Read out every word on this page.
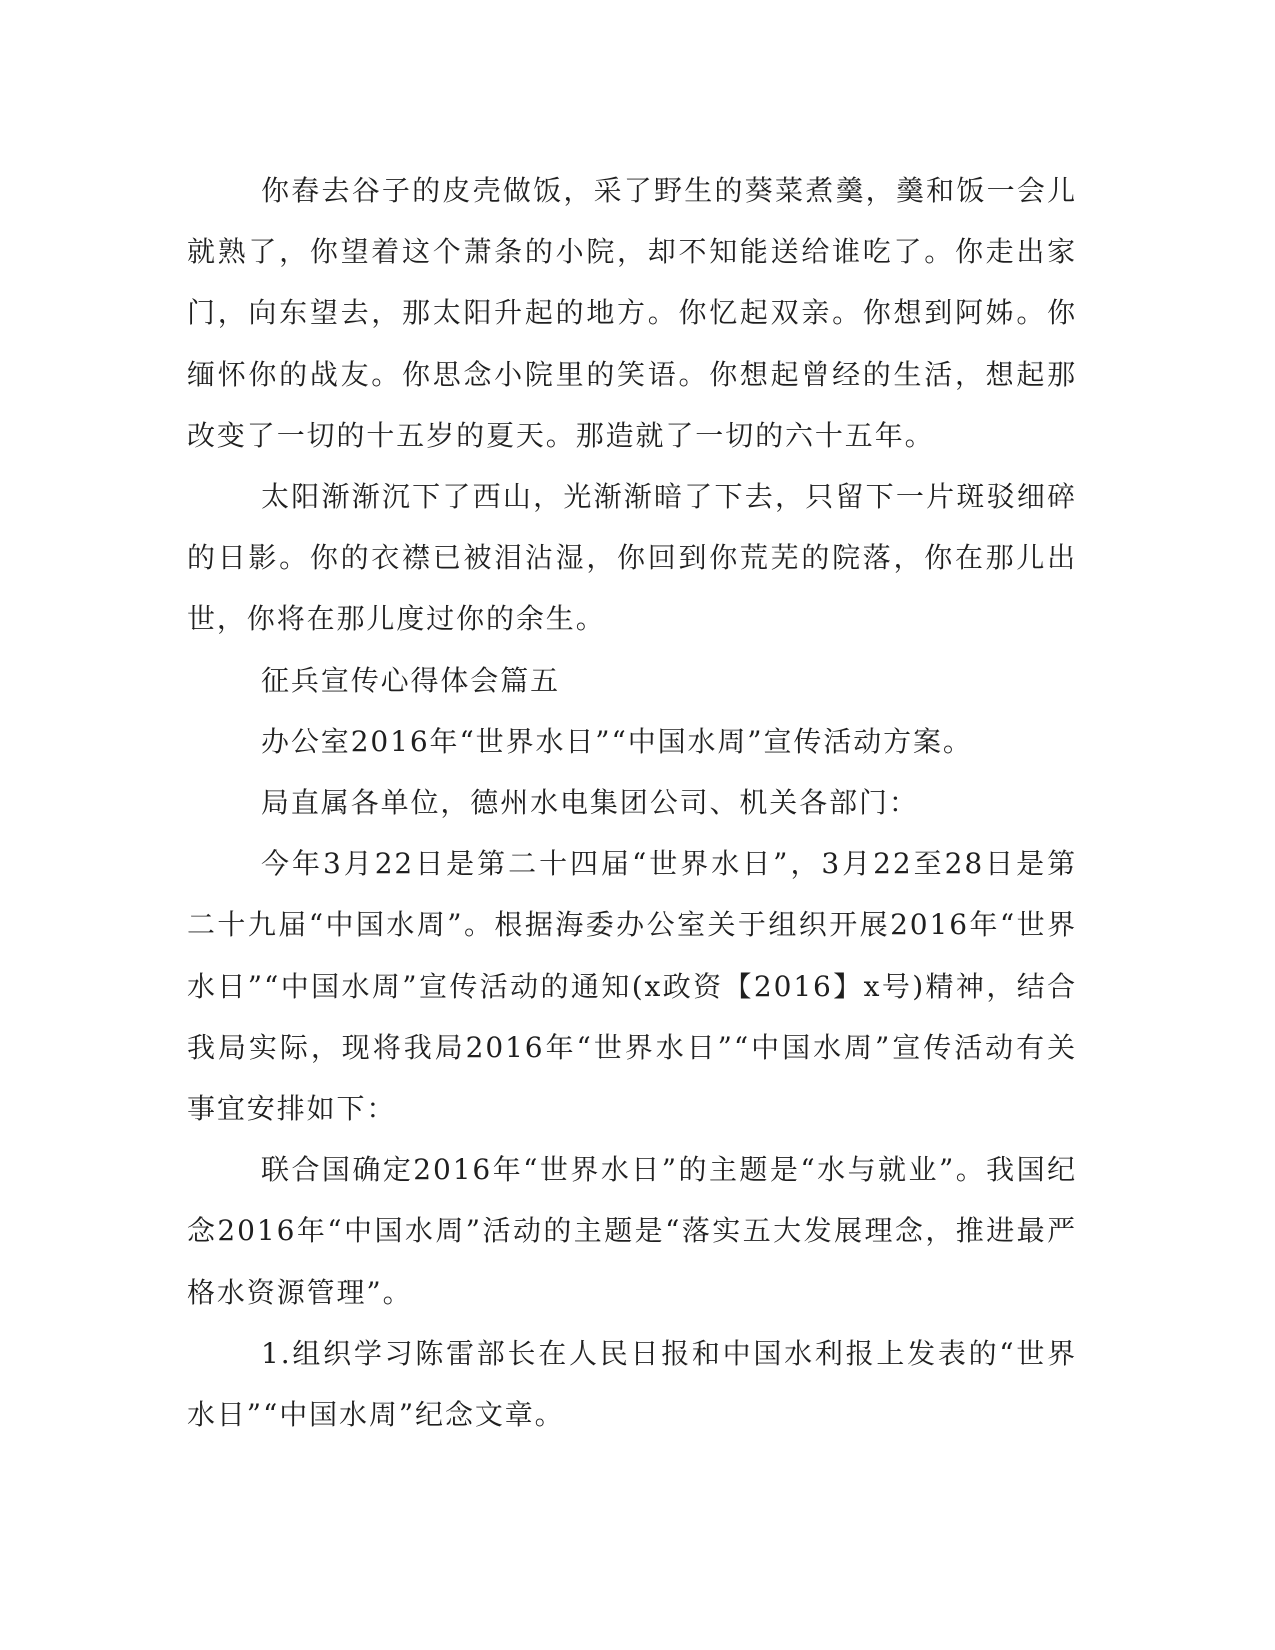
你舂去谷子的皮壳做饭，采了野生的葵菜煮羹，羹和饭一会儿就熟了，你望着这个萧条的小院，却不知能送给谁吃了。你走出家门，向东望去，那太阳升起的地方。你忆起双亲。你想到阿姊。你缅怀你的战友。你思念小院里的笑语。你想起曾经的生活，想起那改变了一切的十五岁的夏天。那造就了一切的六十五年。

太阳渐渐沉下了西山，光渐渐暗了下去，只留下一片斑驳细碎的日影。你的衣襟已被泪沾湿，你回到你荒芜的院落，你在那儿出世，你将在那儿度过你的余生。

征兵宣传心得体会篇五

办公室2016年“世界水日”“中国水周”宣传活动方案。

局直属各单位，德州水电集团公司、机关各部门：

今年3月22日是第二十四届“世界水日”，3月22至28日是第二十九届“中国水周”。根据海委办公室关于组织开展2016年“世界水日”“中国水周”宣传活动的通知(x政资【2016】x号)精神，结合我局实际，现将我局2016年“世界水日”“中国水周”宣传活动有关事宜安排如下：

联合国确定2016年“世界水日”的主题是“水与就业”。我国纪念2016年“中国水周”活动的主题是“落实五大发展理念，推进最严格水资源管理”。

1.组织学习陈雷部长在人民日报和中国水利报上发表的“世界水日”“中国水周”纪念文章。
